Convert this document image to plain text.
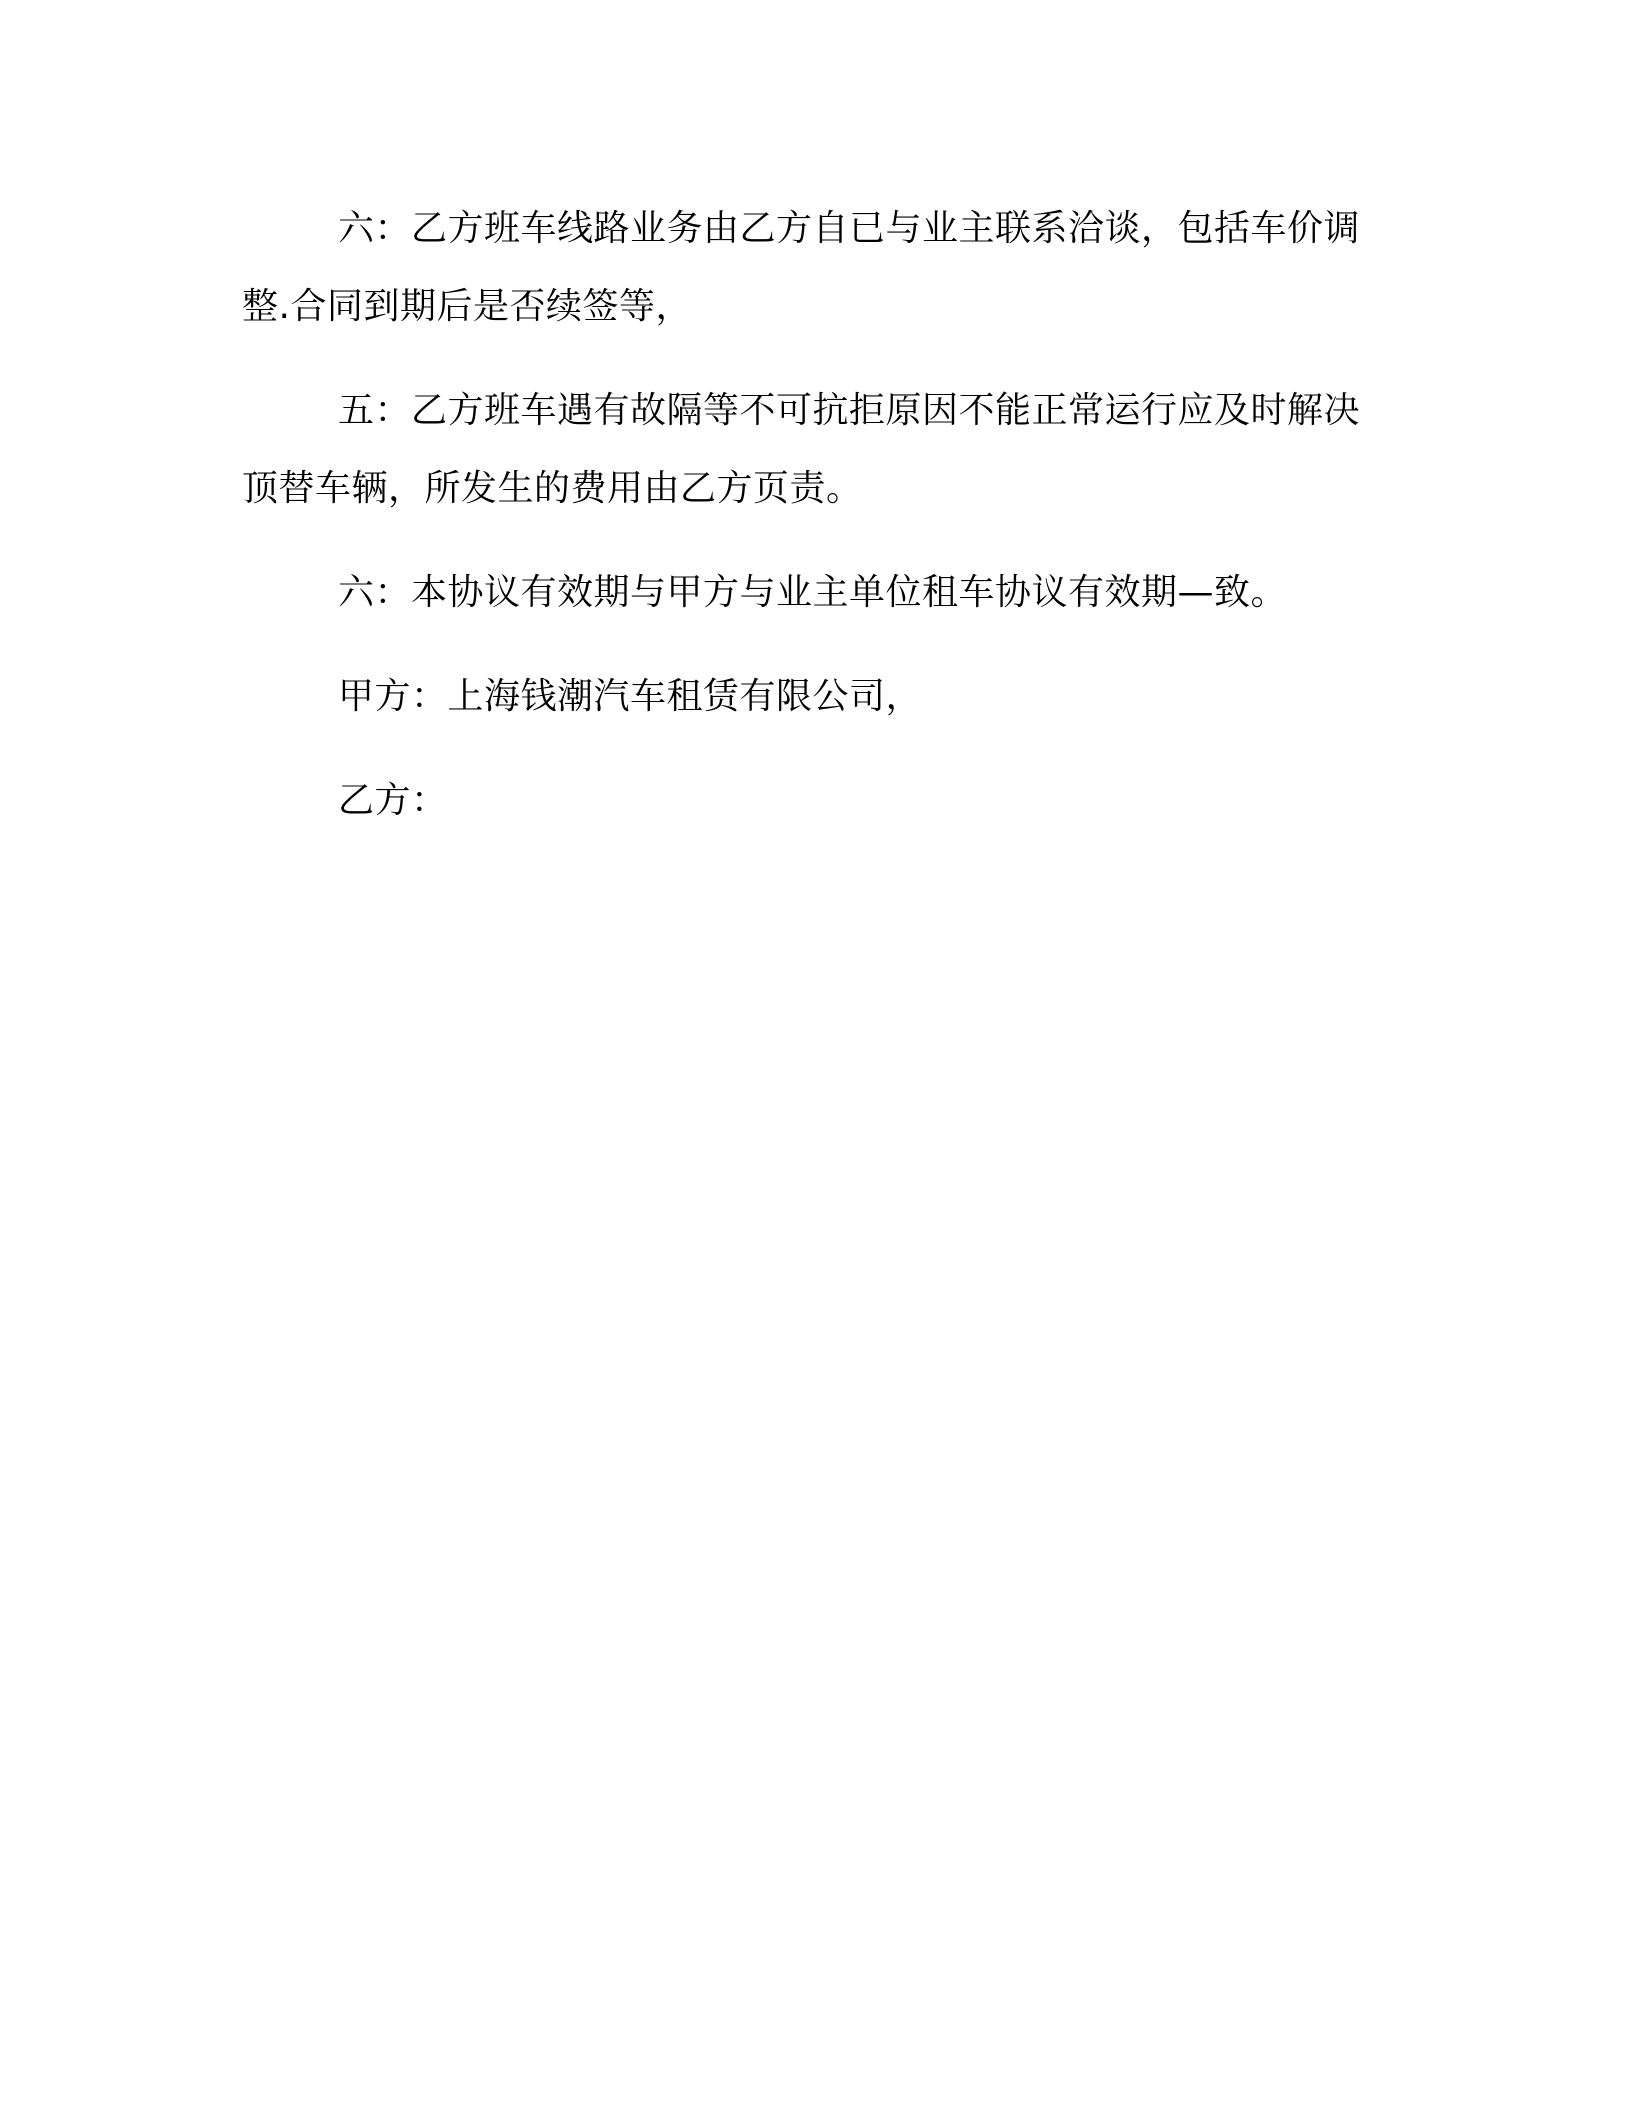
六：乙方班车线路业务由乙方自已与业主联系洽谈，包括车价调整.合同到期后是否续签等，

五：乙方班车遇有故隔等不可抗拒原因不能正常运行应及时解决顶替车辆，所发生的费用由乙方页责。

六：本协议有效期与甲方与业主单位租车协议有效期—致。

甲方：上海钱潮汽车租赁有限公司，

乙方：
